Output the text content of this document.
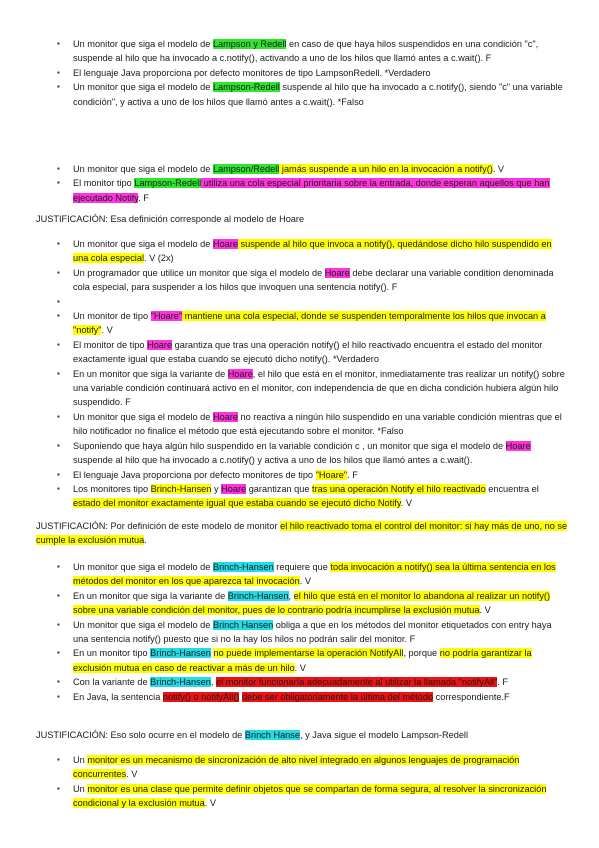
▪ Un monitor que siga el modelo de Lampson y Redell en caso de que haya hilos suspendidos en una condición "c", suspende al hilo que ha invocado a c.notify(), activando a uno de los hilos que llamó antes a c.wait(). F
▪ El lenguaje Java proporciona por defecto monitores de tipo LampsonRedell. *Verdadero
▪ Un monitor que siga el modelo de Lampson-Redell suspende al hilo que ha invocado a c.notify(), siendo "c" una variable condición", y activa a uno de los hilos que llamó antes a c.wait(). *Falso
▪ Un monitor que siga el modelo de Lampson/Redell jamás suspende a un hilo en la invocación a notify(). V
▪ El monitor tipo Lampson-Redell utiliza una cola especial prioritaria sobre la entrada, donde esperan aquellos que han ejecutado Notify. F
JUSTIFICACIÓN: Esa definición corresponde al modelo de Hoare
▪ Un monitor que siga el modelo de Hoare suspende al hilo que invoca a notify(), quedándose dicho hilo suspendido en una cola especial. V (2x)
▪ Un programador que utilice un monitor que siga el modelo de Hoare debe declarar una variable condition denominada cola especial, para suspender a los hilos que invoquen una sentencia notify(). F
▪
▪ Un monitor de tipo "Hoare" mantiene una cola especial, donde se suspenden temporalmente los hilos que invocan a "notify". V
▪ El monitor de tipo Hoare garantiza que tras una operación notify() el hilo reactivado encuentra el estado del monitor exactamente igual que estaba cuando se ejecutó dicho notify(). *Verdadero
▪ En un monitor que siga la variante de Hoare, el hilo que está en el monitor, inmediatamente tras realizar un notify() sobre una variable condición continuará activo en el monitor, con independencia de que en dicha condición hubiera algún hilo suspendido. F
▪ Un monitor que siga el modelo de Hoare no reactiva a ningún hilo suspendido en una variable condición mientras que el hilo notificador no finalice el método que está ejecutando sobre el monitor. *Falso
▪ Suponiendo que haya algún hilo suspendido en la variable condición c , un monitor que siga el modelo de Hoare suspende al hilo que ha invocado a c.notify() y activa a uno de los hilos que llamó antes a c.wait().
▪ El lenguaje Java proporciona por defecto monitores de tipo "Hoare". F
▪ Los monitores tipo Brinch-Hansen y Hoare garantizan que tras una operación Notify el hilo reactivado encuentra el estado del monitor exactamente igual que estaba cuando se ejecutó dicho Notify. V
JUSTIFICACIÓN: Por definición de este modelo de monitor el hilo reactivado toma el control del monitor: si hay más de uno, no se cumple la exclusión mutua.
▪ Un monitor que siga el modelo de Brinch-Hansen requiere que toda invocación a notify() sea la última sentencia en los métodos del monitor en los que aparezca tal invocación. V
▪ En un monitor que siga la variante de Brinch-Hansen, el hilo que está en el monitor lo abandona al realizar un notify() sobre una variable condición del monitor, pues de lo contrario podría incumplirse la exclusión mutua. V
▪ Un monitor que siga el modelo de Brinch Hansen obliga a que en los métodos del monitor etiquetados con entry haya una sentencia notify() puesto que si no la hay los hilos no podrán salir del monitor. F
▪ En un monitor tipo Brinch-Hansen no puede implementarse la operación NotifyAll, porque no podría garantizar la exclusión mutua en caso de reactivar a más de un hilo. V
▪ Con la variante de Brinch-Hansen, el monitor funcionaría adecuadamente al utilizar la llamada "notifyAll". F
▪ En Java, la sentencia notify() o notifyAll() debe ser obligatoriamente la última del método correspondiente.F
JUSTIFICACIÓN: Eso solo ocurre en el modelo de Brinch Hanse, y Java sigue el modelo Lampson-Redell
▪ Un monitor es un mecanismo de sincronización de alto nivel integrado en algunos lenguajes de programación concurrentes. V
▪ Un monitor es una clase que permite definir objetos que se compartan de forma segura, al resolver la sincronización condicional y la exclusión mutua. V
